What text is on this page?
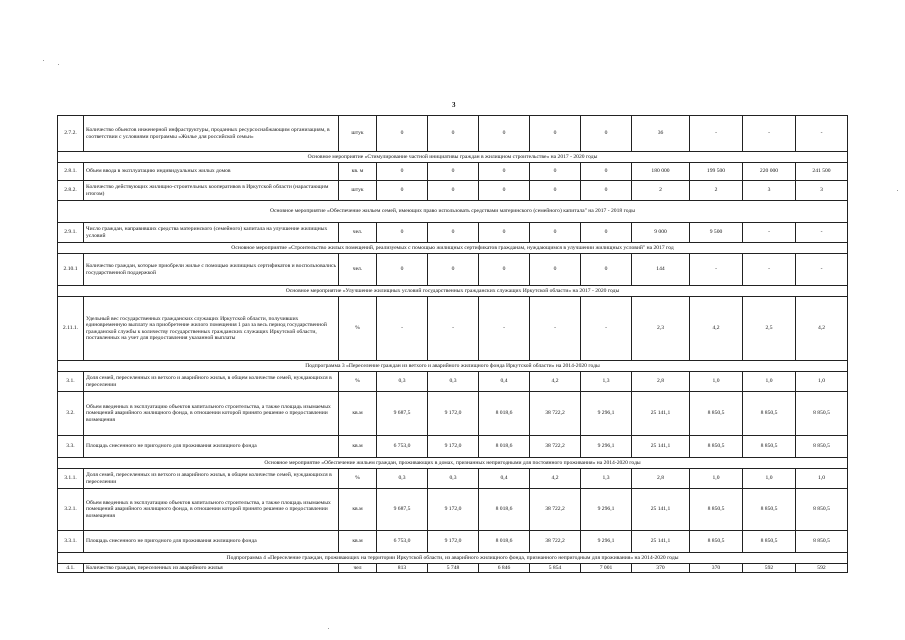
3
2.7.2.	Количество объектов инженерной инфраструктуры, проданных ресурсоснабжающим организациям, в соответствии с условиями программы «Жилье для российской семьи»	штук	0	0	0	0	0	36	-	-	-
Основное мероприятие «Стимулирование частной инициативы граждан в жилищном строительстве» на 2017 - 2020 годы											
2.8.1.	Объем ввода в эксплуатацию индивидуальных жилых домов	кв. м	0	0	0	0	0	180 000	199 500	220 000	241 500
2.8.2.	Количество действующих жилищно-строительных кооперативов в Иркутской области (нарастающим итогом)	штук	0	0	0	0	0	2	2	3	3
Основное мероприятие «Обеспечение жильем семей, имеющих право использовать средствами материнского (семейного) капитала" на 2017 - 2018 годы											
2.9.1.	Число граждан, направивших средства материнского (семейного) капитала на улучшение жилищных условий	чел.	0	0	0	0	0	9 000	9 500	-	-
Основное мероприятие «Строительство жилых помещений, реализуемых с помощью жилищных сертификатов гражданам, нуждающимся в улучшении жилищных условий" на 2017 год											
2.10.1	Количество граждан, которые приобрели жилье с помощью жилищных сертификатов и воспользовались государственной поддержкой	чел.	0	0	0	0	0	144	-	-	-
Основное мероприятие «Улучшение жилищных условий государственных гражданских служащих Иркутской области» на 2017 - 2020 годы											
2.11.1.	Удельный вес государственных гражданских служащих Иркутской области, получивших единовременную выплату на приобретение жилого помещения 1 раз за весь период государственной гражданской службы к количеству государственных гражданских служащих Иркутской области, поставленных на учет для предоставления указанной выплаты	%	-	-	-	-	-	2,3	4,2	2,5	4,2
Подпрограмма 3 «Переселение граждан из ветхого и аварийного жилищного фонда Иркутской области» на 2014-2020 годы											
3.1.	Доля семей, переселенных из ветхого и аварийного жилья, в общем количестве семей, нуждающихся в переселении	%	0,3	0,3	0,4	4,2	1,3	2,8	1,0	1,0	1,0
3.2.	Объем введенных в эксплуатацию объектов капитального строительства, а также площадь изымаемых помещений аварийного жилищного фонда, в отношении которой принято решение о предоставлении возмещения	кв.м	9 687,5	9 172,0	8 018,6	38 722,2	9 296,1	25 141,1	8 850,5	8 850,5	8 850,5
3.3.	Площадь снесенного не пригодного для проживания жилищного фонда	кв.м	6 753,0	9 172,0	8 018,6	38 722,2	9 296,1	25 141,1	8 850,5	8 850,5	8 850,5
Основное мероприятие «Обеспечение жильем граждан, проживающих в домах, признанных непригодными для постоянного проживания» на 2014-2020 годы											
3.1.1.	Доля семей, переселенных из ветхого и аварийного жилья, в общем количестве семей, нуждающихся в переселении	%	0,3	0,3	0,4	4,2	1,3	2,8	1,0	1,0	1,0
3.2.1.	Объем введенных в эксплуатацию объектов капитального строительства, а также площадь изымаемых помещений аварийного жилищного фонда, в отношении которой принято решение о предоставлении возмещения	кв.м	9 687,5	9 172,0	8 018,6	38 722,2	9 296,1	25 141,1	8 850,5	8 850,5	8 850,5
3.3.1.	Площадь снесенного не пригодного для проживания жилищного фонда	кв.м	6 753,0	9 172,0	8 018,6	38 722,2	9 296,1	25 141,1	8 850,5	8 850,5	8 850,5
Подпрограмма 4 «Переселение граждан, проживающих на территории Иркутской области, из аварийного жилищного фонда, признанного непригодным для проживания» на 2014-2020 годы											
4.1.	Количество граждан, переселенных из аварийного жилья	чел	813	5 748	6 846	5 854	7 001	370	370	592	592
